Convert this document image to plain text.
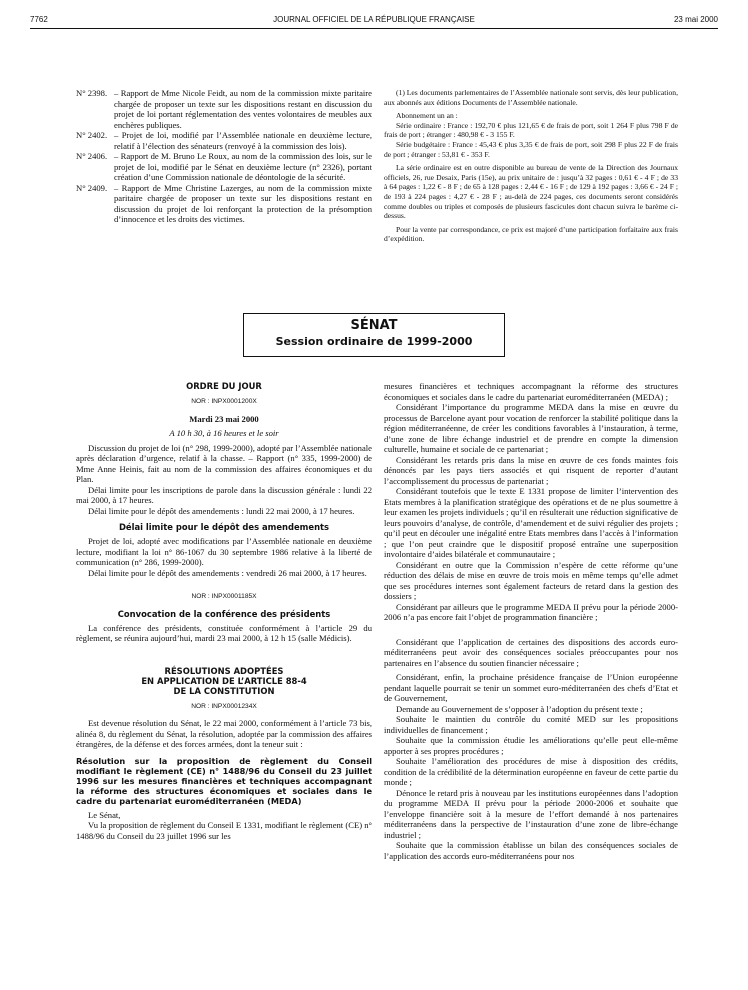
7762	JOURNAL OFFICIEL DE LA RÉPUBLIQUE FRANÇAISE	23 mai 2000
N° 2398. – Rapport de Mme Nicole Feidt, au nom de la commission mixte paritaire chargée de proposer un texte sur les dispositions restant en discussion du projet de loi portant réglementation des ventes volontaires de meubles aux enchères publiques.
N° 2402. – Projet de loi, modifié par l’Assemblée nationale en deuxième lecture, relatif à l’élection des sénateurs (renvoyé à la commission des lois).
N° 2406. – Rapport de M. Bruno Le Roux, au nom de la commission des lois, sur le projet de loi, modifié par le Sénat en deuxième lecture (n° 2326), portant création d’une Commission nationale de déontologie de la sécurité.
N° 2409. – Rapport de Mme Christine Lazerges, au nom de la commission mixte paritaire chargée de proposer un texte sur les dispositions restant en discussion du projet de loi renforçant la protection de la présomption d’innocence et les droits des victimes.

(1) Les documents parlementaires de l’Assemblée nationale sont servis, dès leur publication, aux abonnés aux éditions Documents de l’Assemblée nationale.

Abonnement un an :

Série ordinaire : France : 192,70 € plus 121,65 € de frais de port, soit 1 264 F plus 798 F de frais de port ; étranger : 480,98 € - 3 155 F.

Série budgétaire : France : 45,43 € plus 3,35 € de frais de port, soit 298 F plus 22 F de frais de port ; étranger : 53,81 € - 353 F.

La série ordinaire est en outre disponible au bureau de vente de la Direction des Journaux officiels, 26, rue Desaix, Paris (15e), au prix unitaire de : jusqu’à 32 pages : 0,61 € - 4 F ; de 33 à 64 pages : 1,22 € - 8 F ; de 65 à 128 pages : 2,44 € - 16 F ; de 129 à 192 pages : 3,66 € - 24 F ; de 193 à 224 pages : 4,27 € - 28 F ; au-delà de 224 pages, ces documents seront considérés comme doubles ou triples et composés de plusieurs fascicules dont chacun suivra le barème ci-dessus.

Pour la vente par correspondance, ce prix est majoré d’une participation forfaitaire aux frais d’expédition.

SÉNAT
Session ordinaire de 1999-2000
ORDRE DU JOUR
NOR : INPX0001200X
Mardi 23 mai 2000
A 10 h 30, à 16 heures et le soir

Discussion du projet de loi (n° 298, 1999-2000), adopté par l’Assemblée nationale après déclaration d’urgence, relatif à la chasse. – Rapport (n° 335, 1999-2000) de Mme Anne Heinis, fait au nom de la commission des affaires économiques et du Plan.

Délai limite pour les inscriptions de parole dans la discussion générale : lundi 22 mai 2000, à 17 heures.

Délai limite pour le dépôt des amendements : lundi 22 mai 2000, à 17 heures.

Délai limite pour le dépôt des amendements

Projet de loi, adopté avec modifications par l’Assemblée nationale en deuxième lecture, modifiant la loi n° 86-1067 du 30 septembre 1986 relative à la liberté de communication (n° 286, 1999-2000).

Délai limite pour le dépôt des amendements : vendredi 26 mai 2000, à 17 heures.

NOR : INPX0001185X
Convocation de la conférence des présidents

La conférence des présidents, constituée conformément à l’article 29 du règlement, se réunira aujourd’hui, mardi 23 mai 2000, à 12 h 15 (salle Médicis).

RÉSOLUTIONS ADOPTÉES
EN APPLICATION DE L’ARTICLE 88-4
DE LA CONSTITUTION
NOR : INPX0001234X

Est devenue résolution du Sénat, le 22 mai 2000, conformément à l’article 73 bis, alinéa 8, du règlement du Sénat, la résolution, adoptée par la commission des affaires étrangères, de la défense et des forces armées, dont la teneur suit :

Résolution sur la proposition de règlement du Conseil modifiant le règlement (CE) n° 1488/96 du Conseil du 23 juillet 1996 sur les mesures financières et techniques accompagnant la réforme des structures économiques et sociales dans le cadre du partenariat euroméditerranéen (MEDA)

Le Sénat,

Vu la proposition de règlement du Conseil E 1331, modifiant le règlement (CE) n° 1488/96 du Conseil du 23 juillet 1996 sur les

mesures financières et techniques accompagnant la réforme des structures économiques et sociales dans le cadre du partenariat euroméditerranéen (MEDA) ;

Considérant l’importance du programme MEDA dans la mise en œuvre du processus de Barcelone ayant pour vocation de renforcer la stabilité politique dans la région méditerranéenne, de créer les conditions favorables à l’instauration, à terme, d’une zone de libre échange industriel et de prendre en compte la dimension culturelle, humaine et sociale de ce partenariat ;

Considérant les retards pris dans la mise en œuvre de ces fonds maintes fois dénoncés par les pays tiers associés et qui risquent de reporter d’autant l’accomplissement du processus de partenariat ;

Considérant toutefois que le texte E 1331 propose de limiter l’intervention des Etats membres à la planification stratégique des opérations et de ne plus soumettre à leur examen les projets individuels ; qu’il en résulterait une réduction significative de leurs pouvoirs d’analyse, de contrôle, d’amendement et de suivi régulier des projets ; qu’il peut en découler une inégalité entre Etats membres dans l’accès à l’information ; que l’on peut craindre que le dispositif proposé entraîne une superposition involontaire d’aides bilatérale et communautaire ;

Considérant en outre que la Commission n’espère de cette réforme qu’une réduction des délais de mise en œuvre de trois mois en même temps qu’elle admet que ses procédures internes sont également facteurs de retard dans la gestion des dossiers ;

Considérant par ailleurs que le programme MEDA II prévu pour la période 2000-2006 n’a pas encore fait l’objet de programmation financière ;

Considérant que l’application de certaines des dispositions des accords euro-méditerranéens peut avoir des conséquences sociales préoccupantes pour nos partenaires en l’absence du soutien financier nécessaire ;

Considérant, enfin, la prochaine présidence française de l’Union européenne pendant laquelle pourrait se tenir un sommet euro-méditerranéen des chefs d’Etat et de Gouvernement,

Demande au Gouvernement de s’opposer à l’adoption du présent texte ;

Souhaite le maintien du contrôle du comité MED sur les propositions individuelles de financement ;

Souhaite que la commission étudie les améliorations qu’elle peut elle-même apporter à ses propres procédures ;

Souhaite l’amélioration des procédures de mise à disposition des crédits, condition de la crédibilité de la détermination européenne en faveur de cette partie du monde ;

Dénonce le retard pris à nouveau par les institutions européennes dans l’adoption du programme MEDA II prévu pour la période 2000-2006 et souhaite que l’enveloppe financière soit à la mesure de l’effort demandé à nos partenaires méditerranéens dans la perspective de l’instauration d’une zone de libre-échange industriel ;

Souhaite que la commission établisse un bilan des conséquences sociales de l’application des accords euro-méditerranéens pour nos
